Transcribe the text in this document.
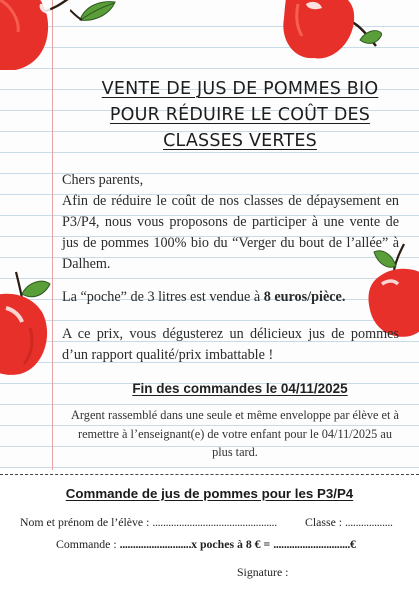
VENTE DE JUS DE POMMES BIO
POUR RÉDUIRE LE COÛT DES
CLASSES VERTES
Chers parents,
Afin de réduire le coût de nos classes de dépaysement en P3/P4, nous vous proposons de participer à une vente de jus de pommes 100% bio du “Verger du bout de l’allée” à Dalhem.
La “poche” de 3 litres est vendue à 8 euros/pièce.
A ce prix, vous dégusterez un délicieux jus de pommes d’un rapport qualité/prix imbattable !
Fin des commandes le 04/11/2025
Argent rassemblé dans une seule et même enveloppe par élève et à remettre à l’enseignant(e) de votre enfant pour le 04/11/2025 au plus tard.
Commande de jus de pommes pour les P3/P4
Nom et prénom de l’élève : ............................................... Classe : ..................
Commande : ...........................x poches à 8 € = .............................€
Signature :
